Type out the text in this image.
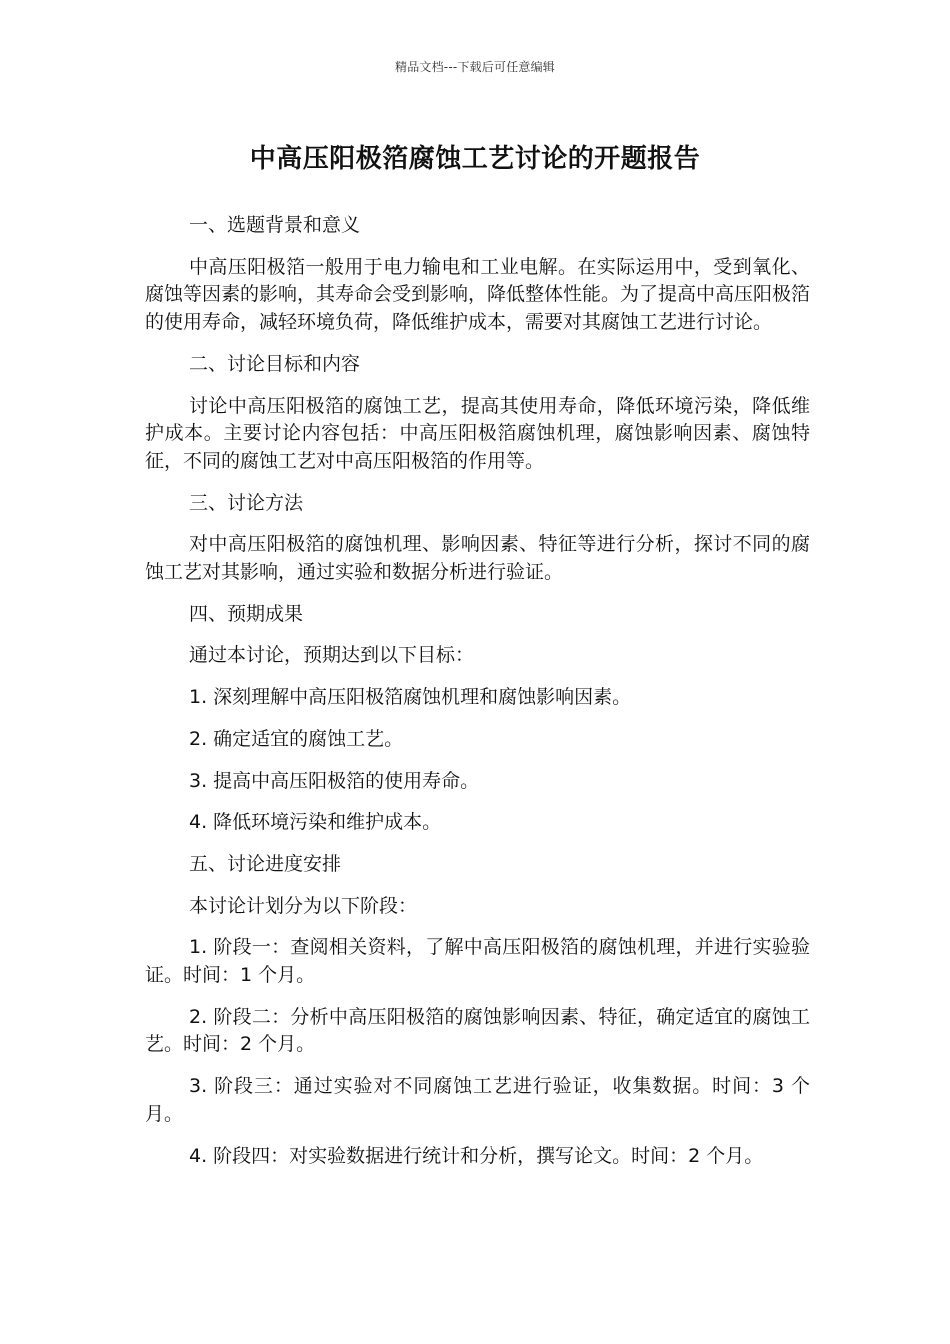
精品文档---下载后可任意编辑
中高压阳极箔腐蚀工艺讨论的开题报告

一、选题背景和意义

中高压阳极箔一般用于电力输电和工业电解。在实际运用中，受到氧化、腐蚀等因素的影响，其寿命会受到影响，降低整体性能。为了提高中高压阳极箔的使用寿命，减轻环境负荷，降低维护成本，需要对其腐蚀工艺进行讨论。

二、讨论目标和内容

讨论中高压阳极箔的腐蚀工艺，提高其使用寿命，降低环境污染，降低维护成本。主要讨论内容包括：中高压阳极箔腐蚀机理，腐蚀影响因素、腐蚀特征，不同的腐蚀工艺对中高压阳极箔的作用等。

三、讨论方法

对中高压阳极箔的腐蚀机理、影响因素、特征等进行分析，探讨不同的腐蚀工艺对其影响，通过实验和数据分析进行验证。

四、预期成果

通过本讨论，预期达到以下目标：

1. 深刻理解中高压阳极箔腐蚀机理和腐蚀影响因素。

2. 确定适宜的腐蚀工艺。

3. 提高中高压阳极箔的使用寿命。

4. 降低环境污染和维护成本。

五、讨论进度安排

本讨论计划分为以下阶段：

1. 阶段一：查阅相关资料，了解中高压阳极箔的腐蚀机理，并进行实验验证。时间：1 个月。

2. 阶段二：分析中高压阳极箔的腐蚀影响因素、特征，确定适宜的腐蚀工艺。时间：2 个月。

3. 阶段三：通过实验对不同腐蚀工艺进行验证，收集数据。时间：3 个月。

4. 阶段四：对实验数据进行统计和分析，撰写论文。时间：2 个月。
